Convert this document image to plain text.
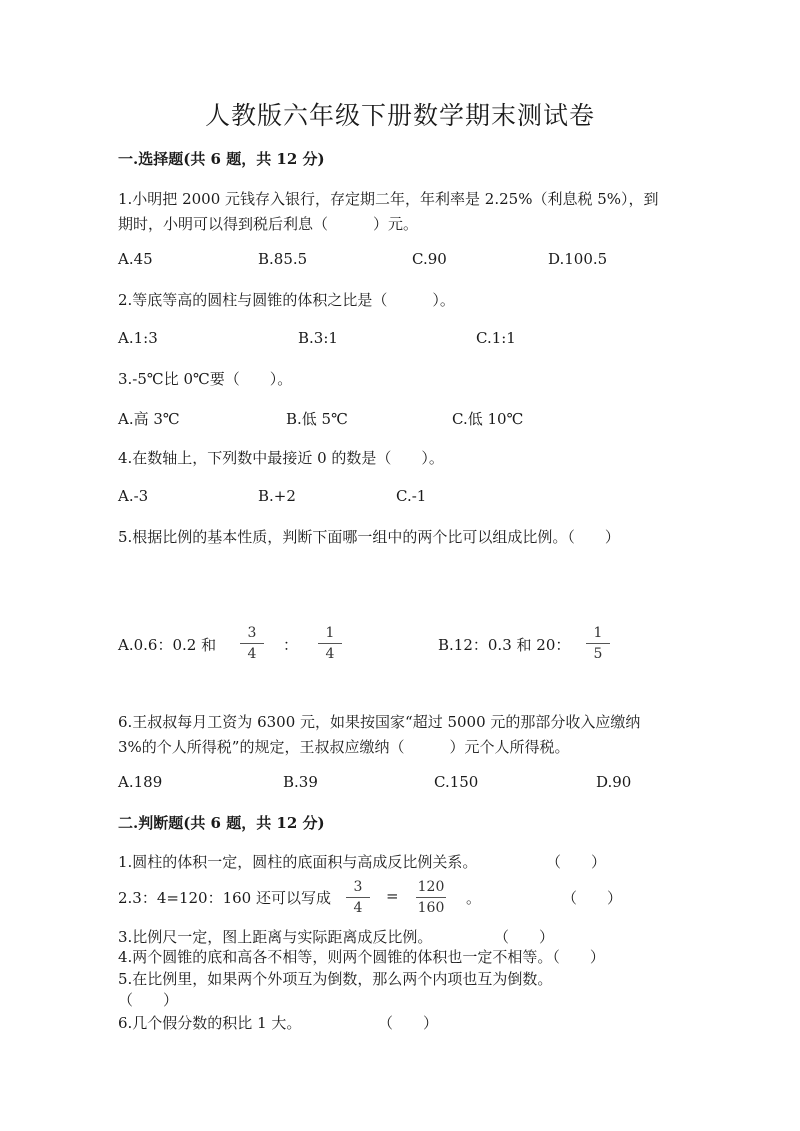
人教版六年级下册数学期末测试卷
一.选择题(共 6 题，共 12 分)
1.小明把 2000 元钱存入银行，存定期二年，年利率是 2.25%（利息税 5%），到
期时，小明可以得到税后利息（　　　）元。
A.45	B.85.5	C.90	D.100.5
2.等底等高的圆柱与圆锥的体积之比是（　　　）。
A.1:3	B.3:1	C.1:1
3.-5℃比 0℃要（　　）。
A.高 3℃	B.低 5℃	C.低 10℃
4.在数轴上，下列数中最接近 0 的数是（　　）。
A.-3	B.+2	C.-1
5.根据比例的基本性质，判断下面哪一组中的两个比可以组成比例。（　　）
A.0.6：0.2 和
3
4	：
1
4	B.12：0.3 和 20：
1
5
6.王叔叔每月工资为 6300 元，如果按国家“超过 5000 元的那部分收入应缴纳
3%的个人所得税”的规定，王叔叔应缴纳（　　　）元个人所得税。
A.189	B.39	C.150	D.90
二.判断题(共 6 题，共 12 分)
1.圆柱的体积一定，圆柱的底面积与高成反比例关系。	（　　）
2.3：4=120：160 还可以写成
3
4
= 120
160
。	（　　）
3.比例尺一定，图上距离与实际距离成反比例。	（　　）
4.两个圆锥的底和高各不相等，则两个圆锥的体积也一定不相等。（　　）
5.在比例里，如果两个外项互为倒数，那么两个内项也互为倒数。
（　　）
6.几个假分数的积比 1 大。	（　　）
